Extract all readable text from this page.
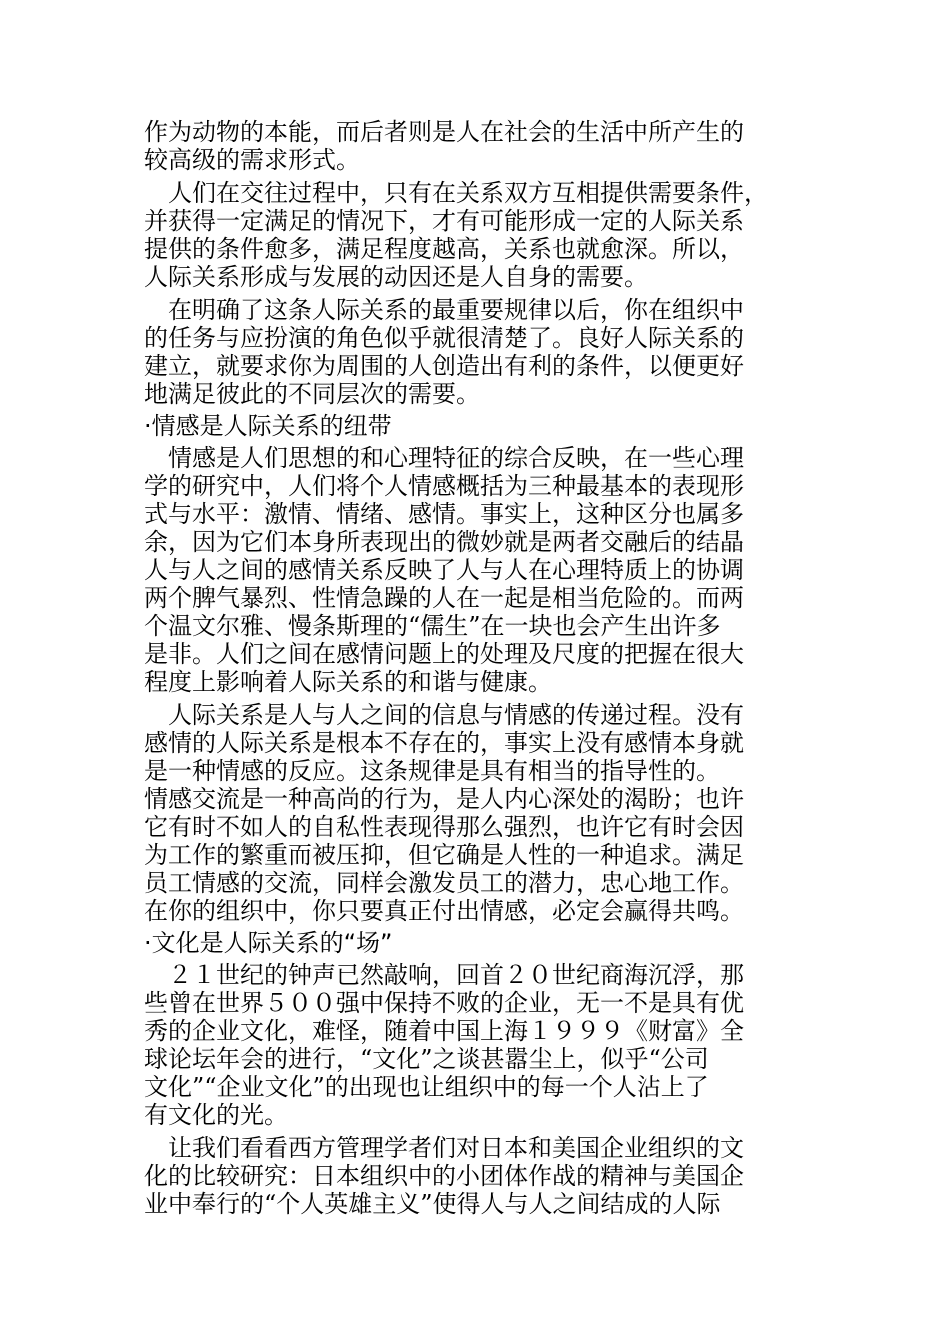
作为动物的本能，而后者则是人在社会的生活中所产生的
较高级的需求形式。
　人们在交往过程中，只有在关系双方互相提供需要条件，
并获得一定满足的情况下，才有可能形成一定的人际关系
提供的条件愈多，满足程度越高，关系也就愈深。所以，
人际关系形成与发展的动因还是人自身的需要。
　在明确了这条人际关系的最重要规律以后，你在组织中
的任务与应扮演的角色似乎就很清楚了。良好人际关系的
建立，就要求你为周围的人创造出有利的条件，以便更好
地满足彼此的不同层次的需要。
·情感是人际关系的纽带
　情感是人们思想的和心理特征的综合反映，在一些心理
学的研究中，人们将个人情感概括为三种最基本的表现形
式与水平：激情、情绪、感情。事实上，这种区分也属多
余，因为它们本身所表现出的微妙就是两者交融后的结晶
人与人之间的感情关系反映了人与人在心理特质上的协调
两个脾气暴烈、性情急躁的人在一起是相当危险的。而两
个温文尔雅、慢条斯理的“儒生”在一块也会产生出许多
是非。人们之间在感情问题上的处理及尺度的把握在很大
程度上影响着人际关系的和谐与健康。
　人际关系是人与人之间的信息与情感的传递过程。没有
感情的人际关系是根本不存在的，事实上没有感情本身就
是一种情感的反应。这条规律是具有相当的指导性的。
情感交流是一种高尚的行为，是人内心深处的渴盼；也许
它有时不如人的自私性表现得那么强烈，也许它有时会因
为工作的繁重而被压抑，但它确是人性的一种追求。满足
员工情感的交流，同样会激发员工的潜力，忠心地工作。
在你的组织中，你只要真正付出情感，必定会赢得共鸣。
·文化是人际关系的“场”
　２１世纪的钟声已然敲响，回首２０世纪商海沉浮，那
些曾在世界５００强中保持不败的企业，无一不是具有优
秀的企业文化，难怪，随着中国上海１９９９《财富》全
球论坛年会的进行，“文化”之谈甚嚣尘上，似乎“公司
文化”“企业文化”的出现也让组织中的每一个人沾上了
有文化的光。
　让我们看看西方管理学者们对日本和美国企业组织的文
化的比较研究：日本组织中的小团体作战的精神与美国企
业中奉行的“个人英雄主义”使得人与人之间结成的人际
